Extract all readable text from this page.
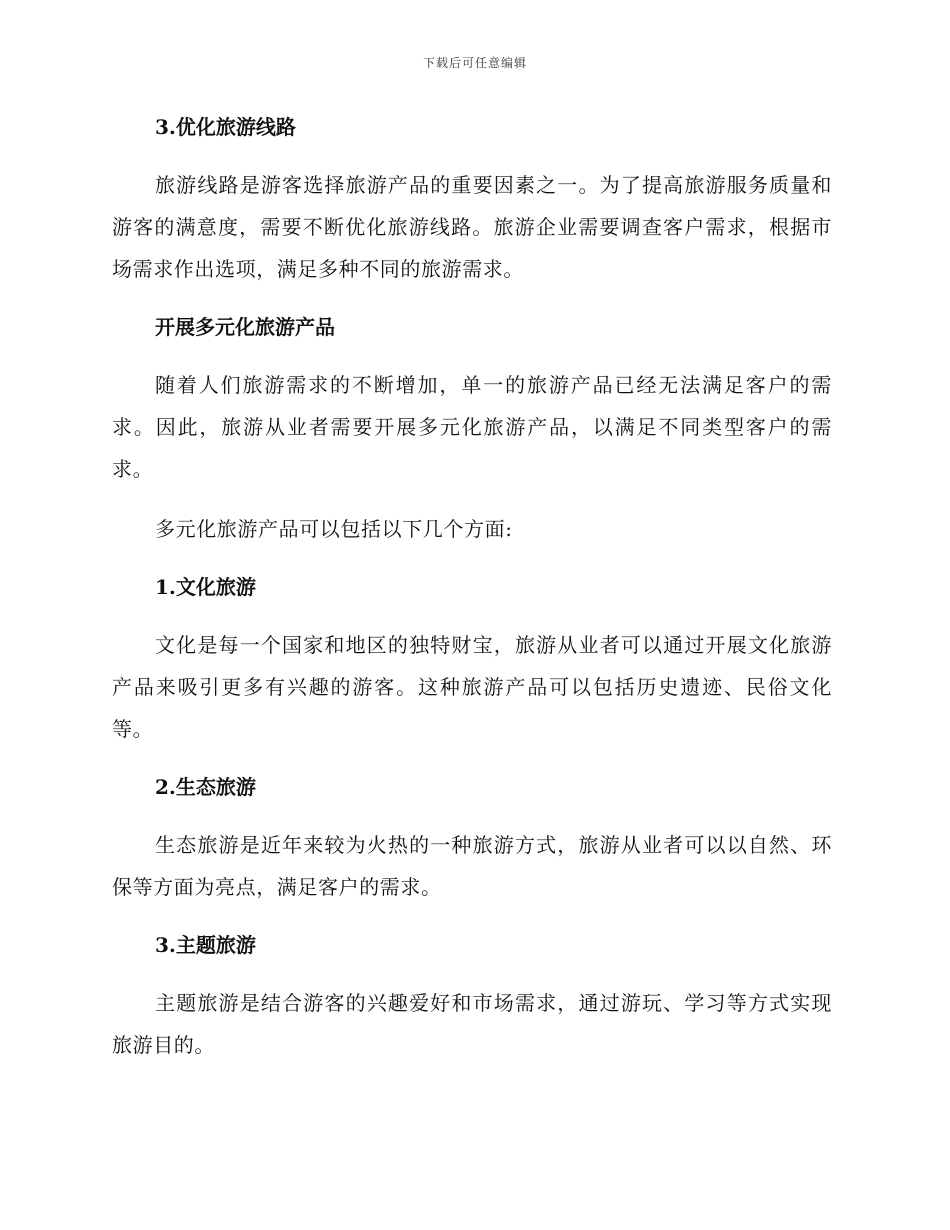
下载后可任意编辑
3.优化旅游线路

旅游线路是游客选择旅游产品的重要因素之一。为了提高旅游服务质量和游客的满意度，需要不断优化旅游线路。旅游企业需要调查客户需求，根据市场需求作出选项，满足多种不同的旅游需求。

开展多元化旅游产品

随着人们旅游需求的不断增加，单一的旅游产品已经无法满足客户的需求。因此，旅游从业者需要开展多元化旅游产品，以满足不同类型客户的需求。

多元化旅游产品可以包括以下几个方面:

1.文化旅游

文化是每一个国家和地区的独特财宝，旅游从业者可以通过开展文化旅游产品来吸引更多有兴趣的游客。这种旅游产品可以包括历史遗迹、民俗文化等。

2.生态旅游

生态旅游是近年来较为火热的一种旅游方式，旅游从业者可以以自然、环保等方面为亮点，满足客户的需求。

3.主题旅游

主题旅游是结合游客的兴趣爱好和市场需求，通过游玩、学习等方式实现旅游目的。
